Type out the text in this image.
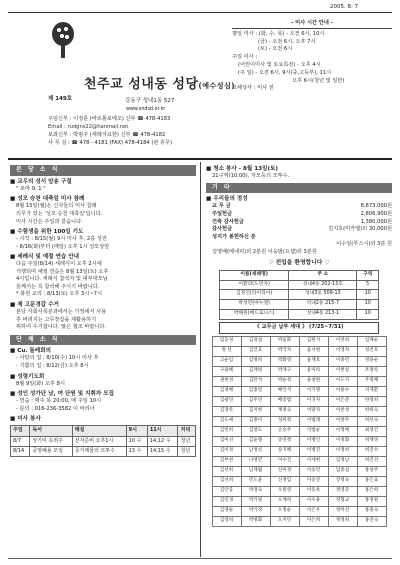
2005. 8. 7
천주교 성내동 성당(예수성심)
제 149호	강동구 성내1동 527
www.sndsd.or.kr
주임신부 : 이정훈 (바르톨로메오) 신부 ☎ 478-4183
Email : rudgns22@hanmail.net
보좌신부 : 박범주 (세례자요한) 신부 ☎ 478-4182
사 무 실 : ☎ 478 - 4181 (FAX) 478-4184 (관 휴무)
- 미사 시간 안내 -
평일 미사 : (화, 수, 목) - 오전 6시, 10시
(금) - 오전 6시, 오후 7시
(토) - 오전 6시
주일 미사 :
(어린이미사 및 토요특전) - 오후 4시
(주 일) - 오전 6시, 9시(중,고등부), 11시
오후 6시(청년 및 일반)
고해성사 : 미사 전
본 당 소 식
■ 교우의 성서 암송 구절

" 로마 9, 1 "

■ 성모 승천 대축일 미사 참례

8월 15일(월)은 신자들의 미사 참례

의무가 있는 '성모 승천 대축일'입니다.

미사 시간은 주일과 같습니다.

■ 수험생을 위한 100일 기도

- 시작 : 8/15(월) 9시 미사 후, 2층 성전

- 8/16(화)부터 (매일) 오후 1시 성모상앞

■ 세례식 및 예절 연습 안내

다음 주일(8/14) 세례식이 오후 2시에

거행되며 예절 연습은 8월 13일(토) 오후

4시입니다. 세례식 참석자 및 대부대모님

들께서는 꼭 참석해 주시기 바랍니다.

* 봉헌 교리 : 8/13(토) 오후 3시~7시

■ 제 고문경갑 수거

본당 사회사목분과에서는 가정에서 사용

후 버려지는 고무장갑을 재활용하기

위하여 수거합니다. 많은 협조 바랍니다.

단 체 소 식
■ Cu. 돌레회의

- 사랑의 집 : 8/10(수) 10시 미사 후

- 기쁨의 집 : 8/12(금) 오후 8시

■ 성령기도회

8월 9일(화) 오후 8시

■ 성인 성가단 남, 여 단원 및 지휘자 모집

- 연습 : 매주 목 20:00, 매 주일 10시

- 문의 : 016-236-3582 이 바리아

■ 미사 봉사
주일	독서	해설	9시	11시	저녁
8/7	상기미 속죄주	전자준비 오후1시	10 수	14,12 수	청년
8/14	공영폐용 모임	증거제물의 모투수	13 수	14,15 수	청년
■ 청소 봉사 - 8월 13일(토)

21구역(10:00), 자모등의 모투수.

기 타
■ 우리들의 정성
교 무 금	8,873,000원
주일헌금	2,806,900원
건축 감사헌금	1,380,000원
감사헌금	김지호(미카엘)외 30,000원
성지가 봉헌하신 분
이수임(루스시)외 3분 원
김영배(베네딕)외 2분원 이웅범(요셉)외 3분원
♡ 전입을 환영합니다 ♡
이름(세례명)	주 소	구역
이환의(도민자)	성내4동 202-13호	5
김정인(라이리아)	성내3동 509-13	10
박성민(마누엘)	석내2동 215-7	10
박혜원(베드로니스)	성내4동 213-1	10
《 교무금 납부 세대 》 (7/25~7/31)
임동성	김경섭	박윤화	김원석	이연희	임혜순
정 선	김인호	박국자	윤서현	이영자	성진호
고순임	김정희	박화영	윤재호	이종민	정용순
구광혜	김재원	박재구	윤미라	이현일	조정록
권현성	김만석	박순정	윤창원	이도지	주명혜
김경배	김종연	배인석	이기명	이용수	지재환
김광연	김주연	배증범	이귀자	이은준	한정희
김경록	김지현	계정숙	이말자	이찬성	한희숙
김도애	김종이	성희정	이범래	이창주	허선숙
김민희	김창도	손승주	이범순	이정배	최경인
김미선	김윤철	송연정	이병인	이정화	허재경
김미정	남정선	송지혜	이병진	이정희	허진수
김부천	나영빈	이수진	이세현	임정남	허진선
김선희	남재월	신미경	이승민	임중섭	홍성주
김선희	민도윤	신정임	이승진	장정숙	홍은표
김안웅	박경숙	오원영	이동옥	정영준	홍은희
김연경	박기원	오재희	이우용	정형교	홍정원
김영순	박기정	오정순	이은우	정미선	홍종숙
김영희	박명화	오지민	이은희	정정희	홍진숙
